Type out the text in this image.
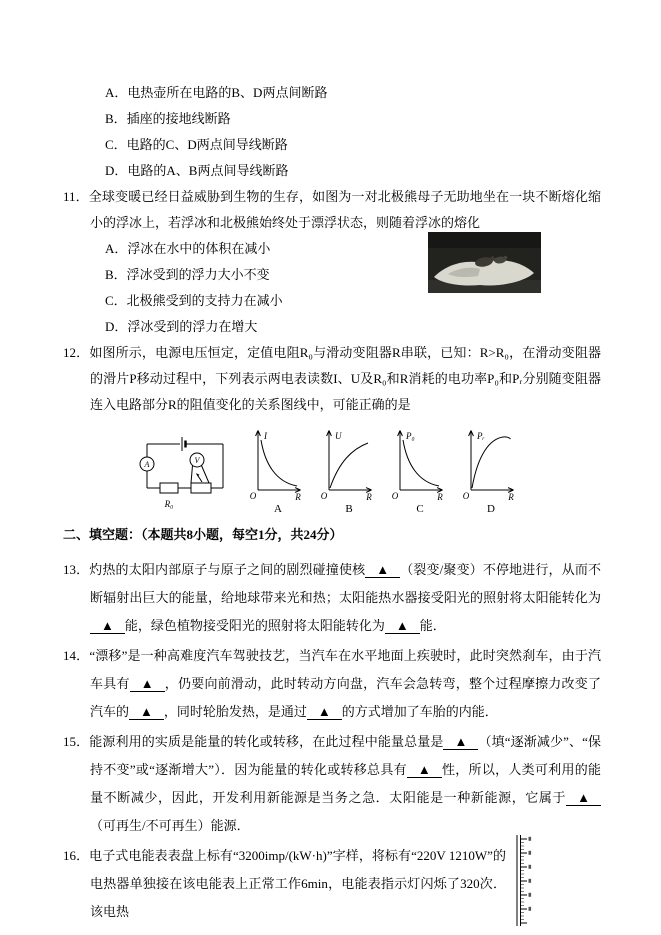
A．电热壶所在电路的B、D两点间断路

B．插座的接地线断路

C．电路的C、D两点间导线断路

D．电路的A、B两点间导线断路

11．全球变暖已经日益威胁到生物的生存，如图为一对北极熊母子无助地坐在一块不断熔化缩小的浮冰上，若浮冰和北极熊始终处于漂浮状态，则随着浮冰的熔化

A．浮冰在水中的体积在减小

B．浮冰受到的浮力大小不变

C．北极熊受到的支持力在减小

D．浮冰受到的浮力在增大

12．如图所示，电源电压恒定，定值电阻R₀与滑动变阻器R串联，已知：R>R₀，在滑动变阻器的滑片P移动过程中，下列表示两电表读数I、U及R₀和R消耗的电功率P₀和Pᵣ分别随变阻器连入电路部分R的阻值变化的关系图线中，可能正确的是

A	V
R₀
I
O	R
A
U
O	R
B
P₀
O	R
C
Pᵣ
O	R
D

二、填空题：（本题共8小题，每空1分，共24分）

13．灼热的太阳内部原子与原子之间的剧烈碰撞使核 ▲ （裂变/聚变）不停地进行，从而不断辐射出巨大的能量，给地球带来光和热；太阳能热水器接受阳光的照射将太阳能转化为▲ 能，绿色植物接受阳光的照射将太阳能转化为 ▲ 能．

14．“漂移”是一种高难度汽车驾驶技艺，当汽车在水平地面上疾驶时，此时突然刹车，由于汽车具有 ▲ ，仍要向前滑动，此时转动方向盘，汽车会急转弯，整个过程摩擦力改变了汽车的 ▲ ，同时轮胎发热，是通过 ▲ 的方式增加了车胎的内能．

15．能源利用的实质是能量的转化或转移，在此过程中能量总量是 ▲ （填“逐渐减少”、“保持不变”或“逐渐增大”）．因为能量的转化或转移总具有 ▲ 性，所以，人类可利用的能量不断减少，因此，开发利用新能源是当务之急．太阳能是一种新能源，它属于 ▲（可再生/不可再生）能源．

16．电子式电能表表盘上标有“3200imp/(kW·h)”字样，将标有“220V 1210W”的电热器单独接在该电能表上正常工作6min，电能表指示灯闪烁了320次．该电热
